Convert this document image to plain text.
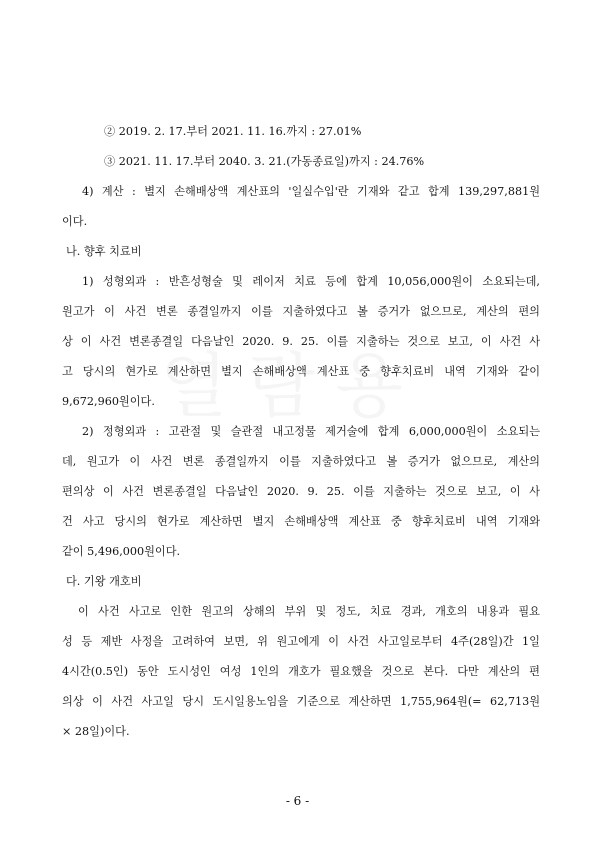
② 2019. 2. 17.부터 2021. 11. 16.까지 : 27.01%
③ 2021. 11. 17.부터 2040. 3. 21.(가동종료일)까지 : 24.76%
4) 계산 : 별지 손해배상액 계산표의 '일실수입'란 기재와 같고 합계 139,297,881원
이다.
나. 향후 치료비
1) 성형외과 : 반흔성형술 및 레이저 치료 등에 합계 10,056,000원이 소요되는데,
원고가 이 사건 변론 종결일까지 이를 지출하였다고 볼 증거가 없으므로, 계산의 편의
상 이 사건 변론종결일 다음날인 2020. 9. 25. 이를 지출하는 것으로 보고, 이 사건 사
고 당시의 현가로 계산하면 별지 손해배상액 계산표 중 향후치료비 내역 기재와 같이
9,672,960원이다.
2) 정형외과 : 고관절 및 슬관절 내고정물 제거술에 합계 6,000,000원이 소요되는
데, 원고가 이 사건 변론 종결일까지 이를 지출하였다고 볼 증거가 없으므로, 계산의
편의상 이 사건 변론종결일 다음날인 2020. 9. 25. 이를 지출하는 것으로 보고, 이 사
건 사고 당시의 현가로 계산하면 별지 손해배상액 계산표 중 향후치료비 내역 기재와
같이 5,496,000원이다.
다. 기왕 개호비
이 사건 사고로 인한 원고의 상해의 부위 및 정도, 치료 경과, 개호의 내용과 필요
성 등 제반 사정을 고려하여 보면, 위 원고에게 이 사건 사고일로부터 4주(28일)간 1일
4시간(0.5인) 동안 도시성인 여성 1인의 개호가 필요했을 것으로 본다. 다만 계산의 편
의상 이 사건 사고일 당시 도시일용노임을 기준으로 계산하면 1,755,964원(= 62,713원
× 28일)이다.
- 6 -
